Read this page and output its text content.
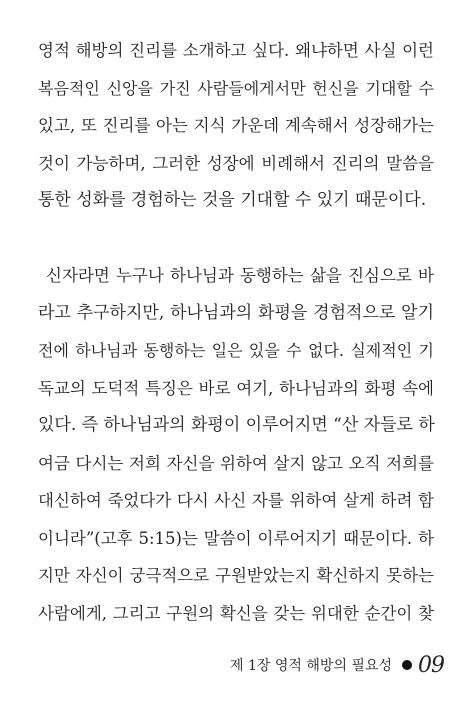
영적 해방의 진리를 소개하고 싶다. 왜냐하면 사실 이런
복음적인 신앙을 가진 사람들에게서만 헌신을 기대할 수
있고, 또 진리를 아는 지식 가운데 계속해서 성장해가는
것이 가능하며, 그러한 성장에 비례해서 진리의 말씀을
통한 성화를 경험하는 것을 기대할 수 있기 때문이다.
신자라면 누구나 하나님과 동행하는 삶을 진심으로 바
라고 추구하지만, 하나님과의 화평을 경험적으로 알기
전에 하나님과 동행하는 일은 있을 수 없다. 실제적인 기
독교의 도덕적 특징은 바로 여기, 하나님과의 화평 속에
있다. 즉 하나님과의 화평이 이루어지면 “산 자들로 하
여금 다시는 저희 자신을 위하여 살지 않고 오직 저희를
대신하여 죽었다가 다시 사신 자를 위하여 살게 하려 함
이니라”(고후 5:15)는 말씀이 이루어지기 때문이다. 하
지만 자신이 궁극적으로 구원받았는지 확신하지 못하는
사람에게, 그리고 구원의 확신을 갖는 위대한 순간이 찾
제 1장 영적 해방의 필요성 09
